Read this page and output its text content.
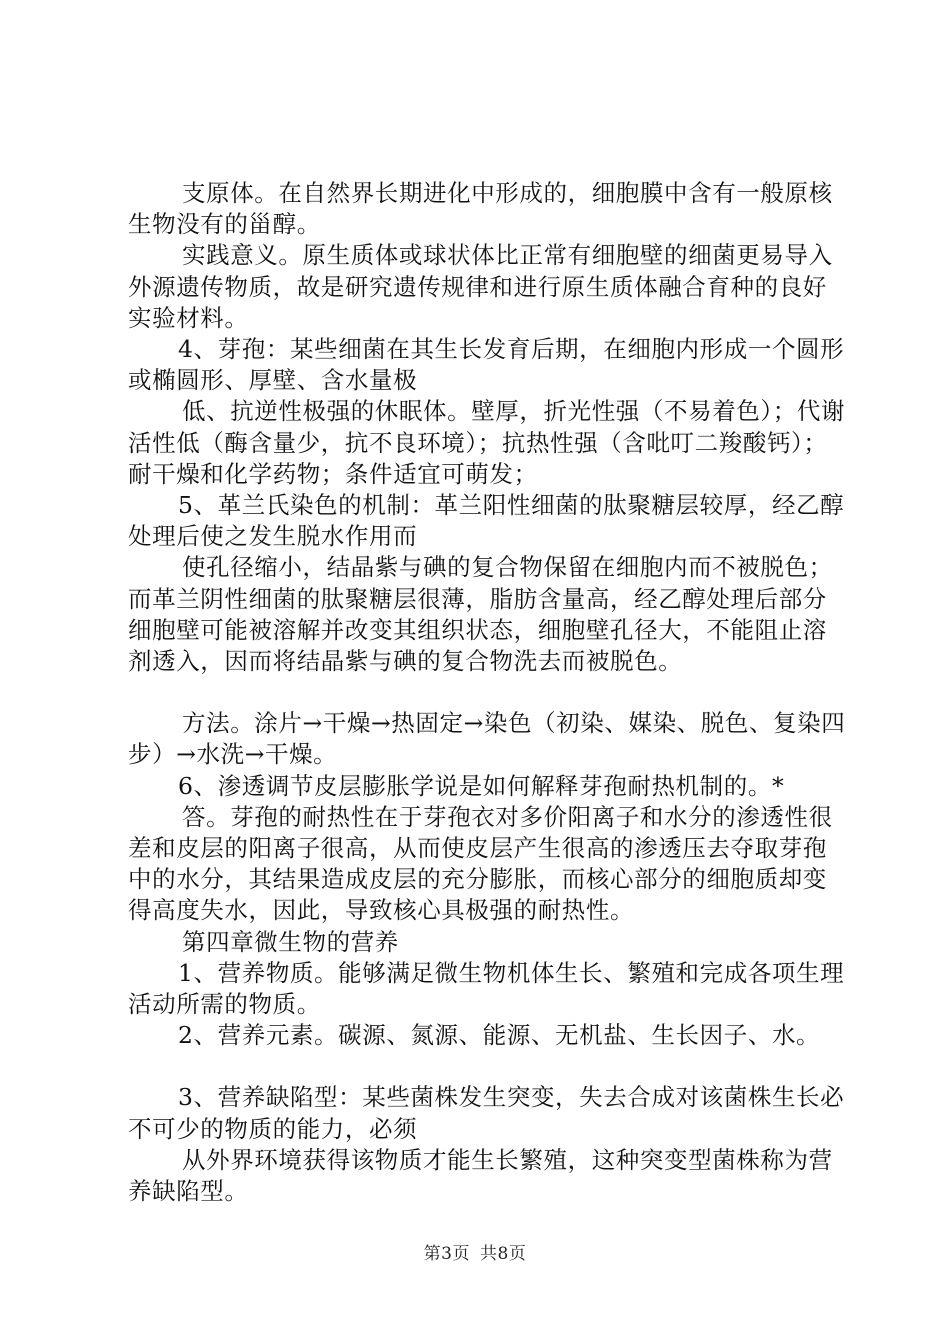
支原体。在自然界长期进化中形成的，细胞膜中含有一般原核生物没有的甾醇。

实践意义。原生质体或球状体比正常有细胞壁的细菌更易导入外源遗传物质，故是研究遗传规律和进行原生质体融合育种的良好实验材料。

4、芽孢：某些细菌在其生长发育后期，在细胞内形成一个圆形或椭圆形、厚壁、含水量极

低、抗逆性极强的休眠体。壁厚，折光性强（不易着色）；代谢活性低（酶含量少，抗不良环境）；抗热性强（含吡叮二羧酸钙）；耐干燥和化学药物；条件适宜可萌发；

5、革兰氏染色的机制：革兰阳性细菌的肽聚糖层较厚，经乙醇处理后使之发生脱水作用而

使孔径缩小，结晶紫与碘的复合物保留在细胞内而不被脱色；而革兰阴性细菌的肽聚糖层很薄，脂肪含量高，经乙醇处理后部分细胞壁可能被溶解并改变其组织状态，细胞壁孔径大，不能阻止溶剂透入，因而将结晶紫与碘的复合物洗去而被脱色。

方法。涂片→干燥→热固定→染色（初染、媒染、脱色、复染四步）→水洗→干燥。

6、渗透调节皮层膨胀学说是如何解释芽孢耐热机制的。*

答。芽孢的耐热性在于芽孢衣对多价阳离子和水分的渗透性很差和皮层的阳离子很高，从而使皮层产生很高的渗透压去夺取芽孢中的水分，其结果造成皮层的充分膨胀，而核心部分的细胞质却变得高度失水，因此，导致核心具极强的耐热性。

第四章微生物的营养

1、营养物质。能够满足微生物机体生长、繁殖和完成各项生理活动所需的物质。

2、营养元素。碳源、氮源、能源、无机盐、生长因子、水。

3、营养缺陷型：某些菌株发生突变，失去合成对该菌株生长必不可少的物质的能力，必须

从外界环境获得该物质才能生长繁殖，这种突变型菌株称为营养缺陷型。

第3页 共8页
